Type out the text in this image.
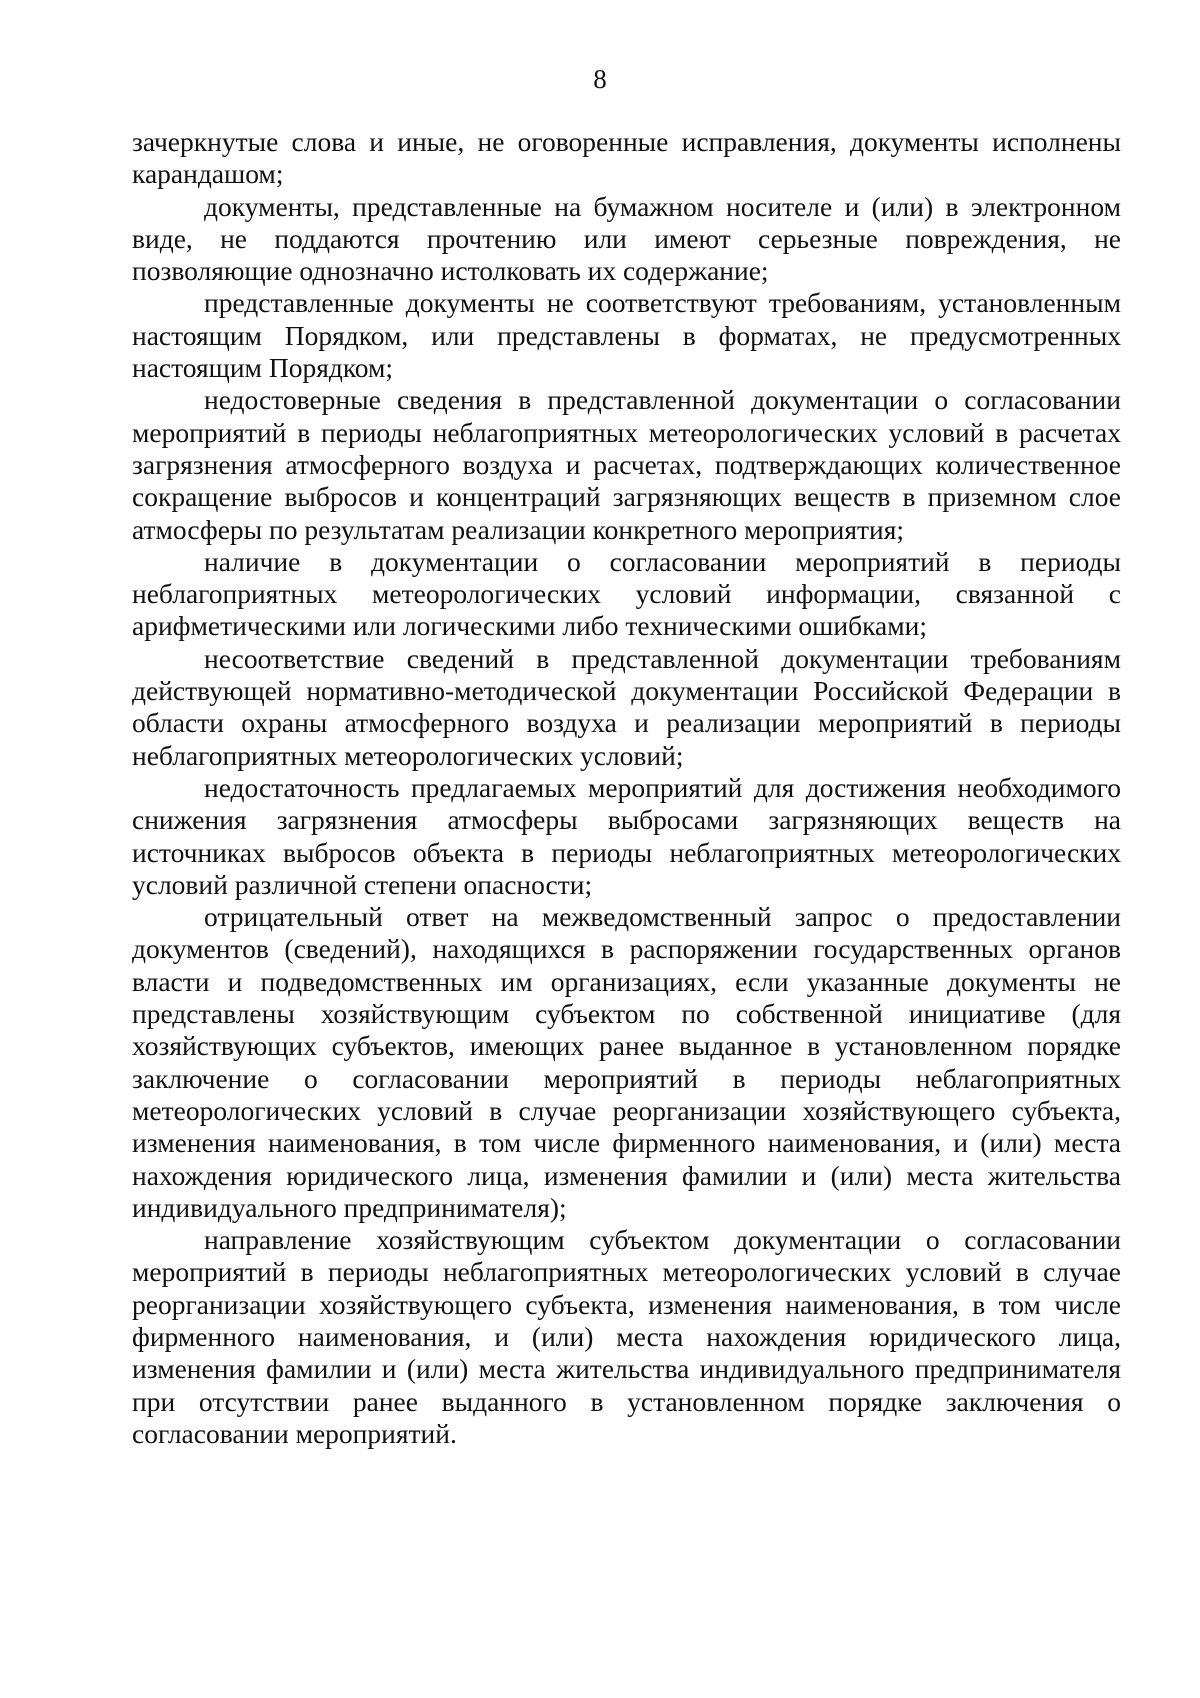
8

зачеркнутые слова и иные, не оговоренные исправления, документы исполнены карандашом;

документы, представленные на бумажном носителе и (или) в электронном виде, не поддаются прочтению или имеют серьезные повреждения, не позволяющие однозначно истолковать их содержание;

представленные документы не соответствуют требованиям, установленным настоящим Порядком, или представлены в форматах, не предусмотренных настоящим Порядком;

недостоверные сведения в представленной документации о согласовании мероприятий в периоды неблагоприятных метеорологических условий в расчетах загрязнения атмосферного воздуха и расчетах, подтверждающих количественное сокращение выбросов и концентраций загрязняющих веществ в приземном слое атмосферы по результатам реализации конкретного мероприятия;

наличие в документации о согласовании мероприятий в периоды неблагоприятных метеорологических условий информации, связанной с арифметическими или логическими либо техническими ошибками;

несоответствие сведений в представленной документации требованиям действующей нормативно-методической документации Российской Федерации в области охраны атмосферного воздуха и реализации мероприятий в периоды неблагоприятных метеорологических условий;

недостаточность предлагаемых мероприятий для достижения необходимого снижения загрязнения атмосферы выбросами загрязняющих веществ на источниках выбросов объекта в периоды неблагоприятных метеорологических условий различной степени опасности;

отрицательный ответ на межведомственный запрос о предоставлении документов (сведений), находящихся в распоряжении государственных органов власти и подведомственных им организациях, если указанные документы не представлены хозяйствующим субъектом по собственной инициативе (для хозяйствующих субъектов, имеющих ранее выданное в установленном порядке заключение о согласовании мероприятий в периоды неблагоприятных метеорологических условий в случае реорганизации хозяйствующего субъекта, изменения наименования, в том числе фирменного наименования, и (или) места нахождения юридического лица, изменения фамилии и (или) места жительства индивидуального предпринимателя);

направление хозяйствующим субъектом документации о согласовании мероприятий в периоды неблагоприятных метеорологических условий в случае реорганизации хозяйствующего субъекта, изменения наименования, в том числе фирменного наименования, и (или) места нахождения юридического лица, изменения фамилии и (или) места жительства индивидуального предпринимателя при отсутствии ранее выданного в установленном порядке заключения о согласовании мероприятий.
